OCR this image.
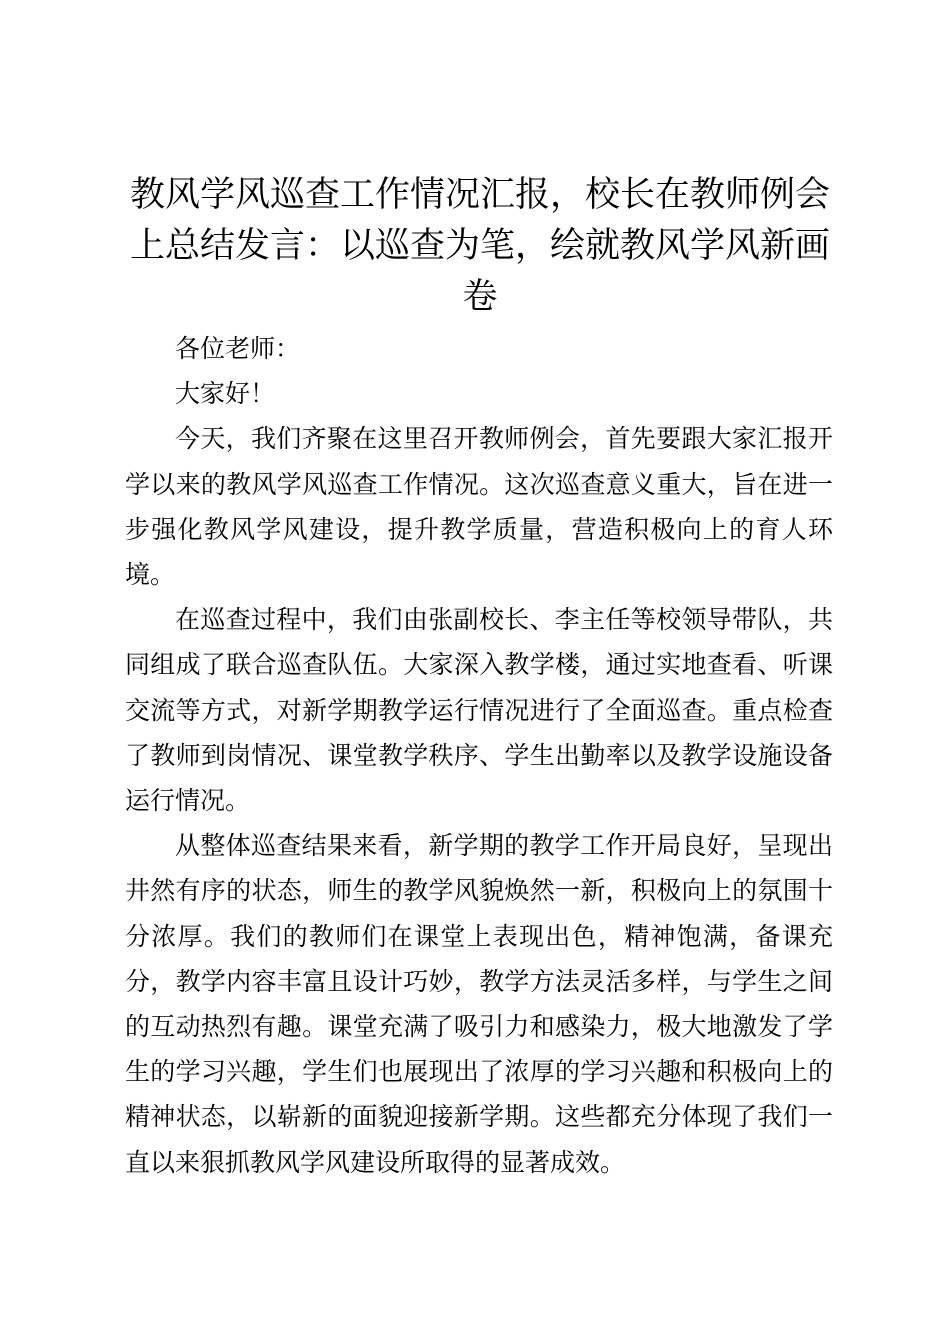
教风学风巡查工作情况汇报，校长在教师例会上总结发言：以巡查为笔，绘就教风学风新画卷

各位老师：

大家好！

今天，我们齐聚在这里召开教师例会，首先要跟大家汇报开学以来的教风学风巡查工作情况。这次巡查意义重大，旨在进一步强化教风学风建设，提升教学质量，营造积极向上的育人环境。

在巡查过程中，我们由张副校长、李主任等校领导带队，共同组成了联合巡查队伍。大家深入教学楼，通过实地查看、听课交流等方式，对新学期教学运行情况进行了全面巡查。重点检查了教师到岗情况、课堂教学秩序、学生出勤率以及教学设施设备运行情况。

从整体巡查结果来看，新学期的教学工作开局良好，呈现出井然有序的状态，师生的教学风貌焕然一新，积极向上的氛围十分浓厚。我们的教师们在课堂上表现出色，精神饱满，备课充分，教学内容丰富且设计巧妙，教学方法灵活多样，与学生之间的互动热烈有趣。课堂充满了吸引力和感染力，极大地激发了学生的学习兴趣，学生们也展现出了浓厚的学习兴趣和积极向上的精神状态，以崭新的面貌迎接新学期。这些都充分体现了我们一直以来狠抓教风学风建设所取得的显著成效。
